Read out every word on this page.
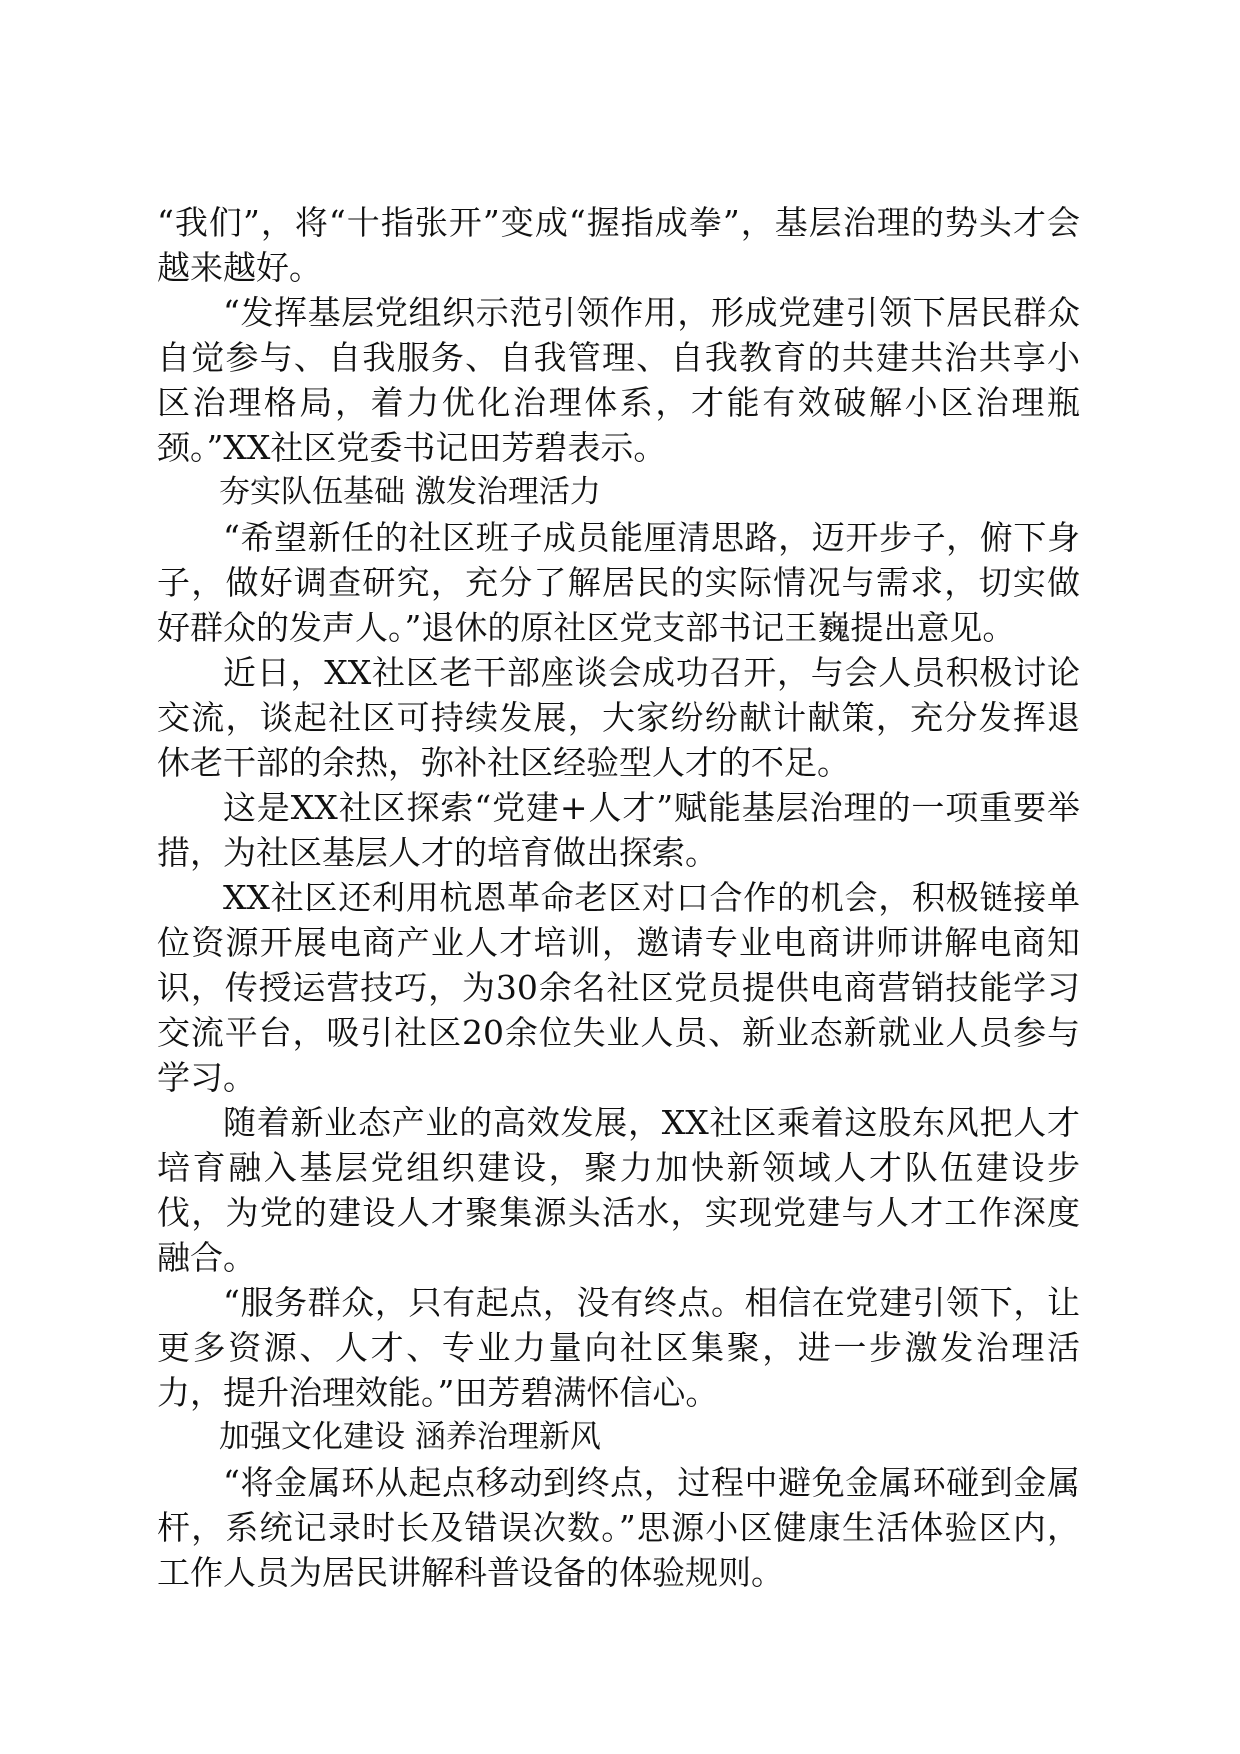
“我们”，将“十指张开”变成“握指成拳”，基层治理的势头才会越来越好。

“发挥基层党组织示范引领作用，形成党建引领下居民群众自觉参与、自我服务、自我管理、自我教育的共建共治共享小区治理格局，着力优化治理体系，才能有效破解小区治理瓶颈。”XX社区党委书记田芳碧表示。

夯实队伍基础 激发治理活力

“希望新任的社区班子成员能厘清思路，迈开步子，俯下身子，做好调查研究，充分了解居民的实际情况与需求，切实做好群众的发声人。”退休的原社区党支部书记王巍提出意见。

近日，XX社区老干部座谈会成功召开，与会人员积极讨论交流，谈起社区可持续发展，大家纷纷献计献策，充分发挥退休老干部的余热，弥补社区经验型人才的不足。

这是XX社区探索“党建+人才”赋能基层治理的一项重要举措，为社区基层人才的培育做出探索。

XX社区还利用杭恩革命老区对口合作的机会，积极链接单位资源开展电商产业人才培训，邀请专业电商讲师讲解电商知识，传授运营技巧，为30余名社区党员提供电商营销技能学习交流平台，吸引社区20余位失业人员、新业态新就业人员参与学习。

随着新业态产业的高效发展，XX社区乘着这股东风把人才培育融入基层党组织建设，聚力加快新领域人才队伍建设步伐，为党的建设人才聚集源头活水，实现党建与人才工作深度融合。

“服务群众，只有起点，没有终点。相信在党建引领下，让更多资源、人才、专业力量向社区集聚，进一步激发治理活力，提升治理效能。”田芳碧满怀信心。

加强文化建设 涵养治理新风

“将金属环从起点移动到终点，过程中避免金属环碰到金属杆，系统记录时长及错误次数。”思源小区健康生活体验区内，工作人员为居民讲解科普设备的体验规则。
